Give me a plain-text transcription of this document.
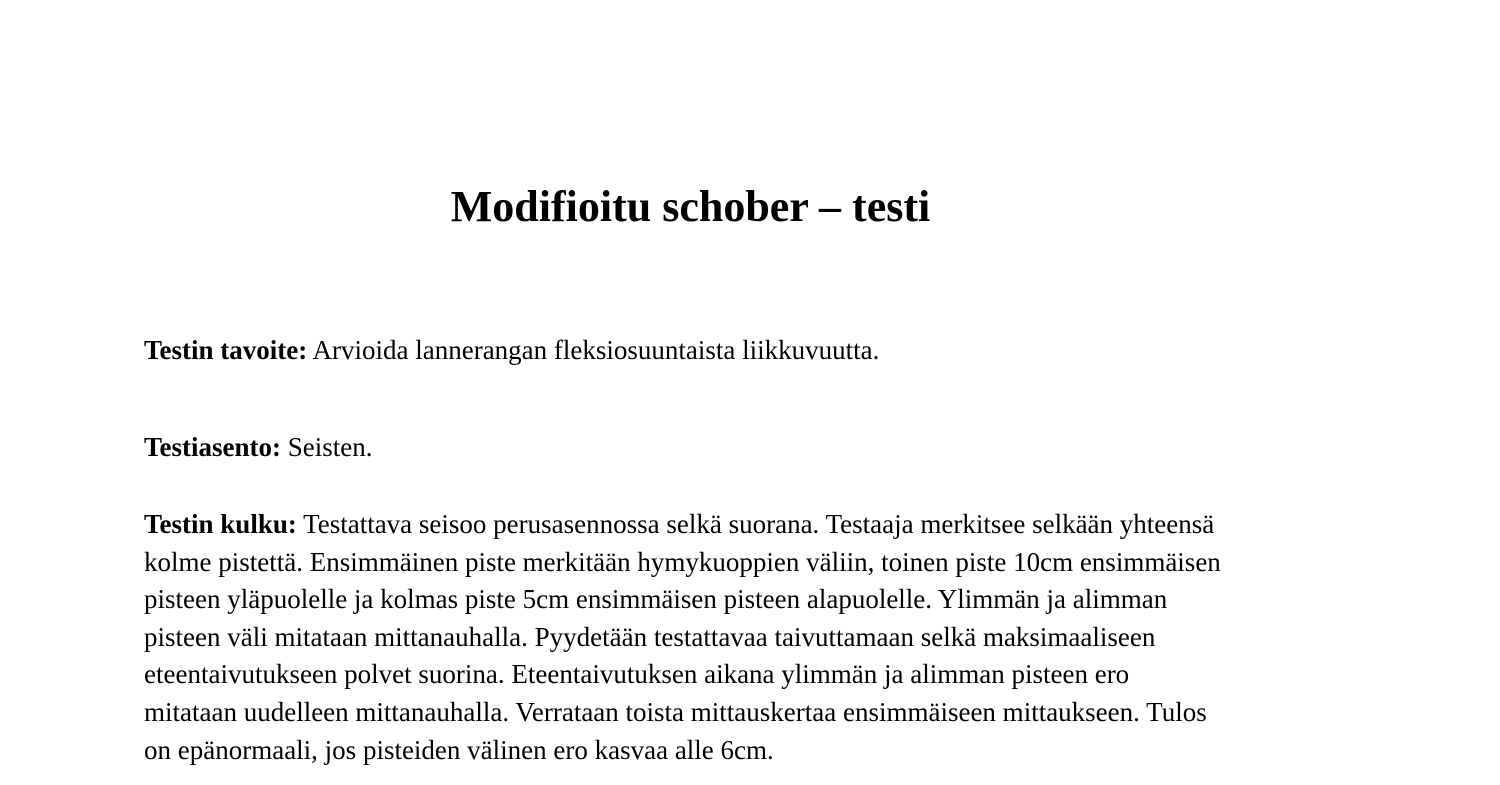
Modifioitu schober – testi
Testin tavoite: Arvioida lannerangan fleksiosuuntaista liikkuvuutta.
Testiasento: Seisten.
Testin kulku: Testattava seisoo perusasennossa selkä suorana. Testaaja merkitsee selkään yhteensä
kolme pistettä. Ensimmäinen piste merkitään hymykuoppien väliin, toinen piste 10cm ensimmäisen
pisteen yläpuolelle ja kolmas piste 5cm ensimmäisen pisteen alapuolelle. Ylimmän ja alimman
pisteen väli mitataan mittanauhalla. Pyydetään testattavaa taivuttamaan selkä maksimaaliseen
eteentaivutukseen polvet suorina. Eteentaivutuksen aikana ylimmän ja alimman pisteen ero
mitataan uudelleen mittanauhalla. Verrataan toista mittauskertaa ensimmäiseen mittaukseen. Tulos
on epänormaali, jos pisteiden välinen ero kasvaa alle 6cm.
